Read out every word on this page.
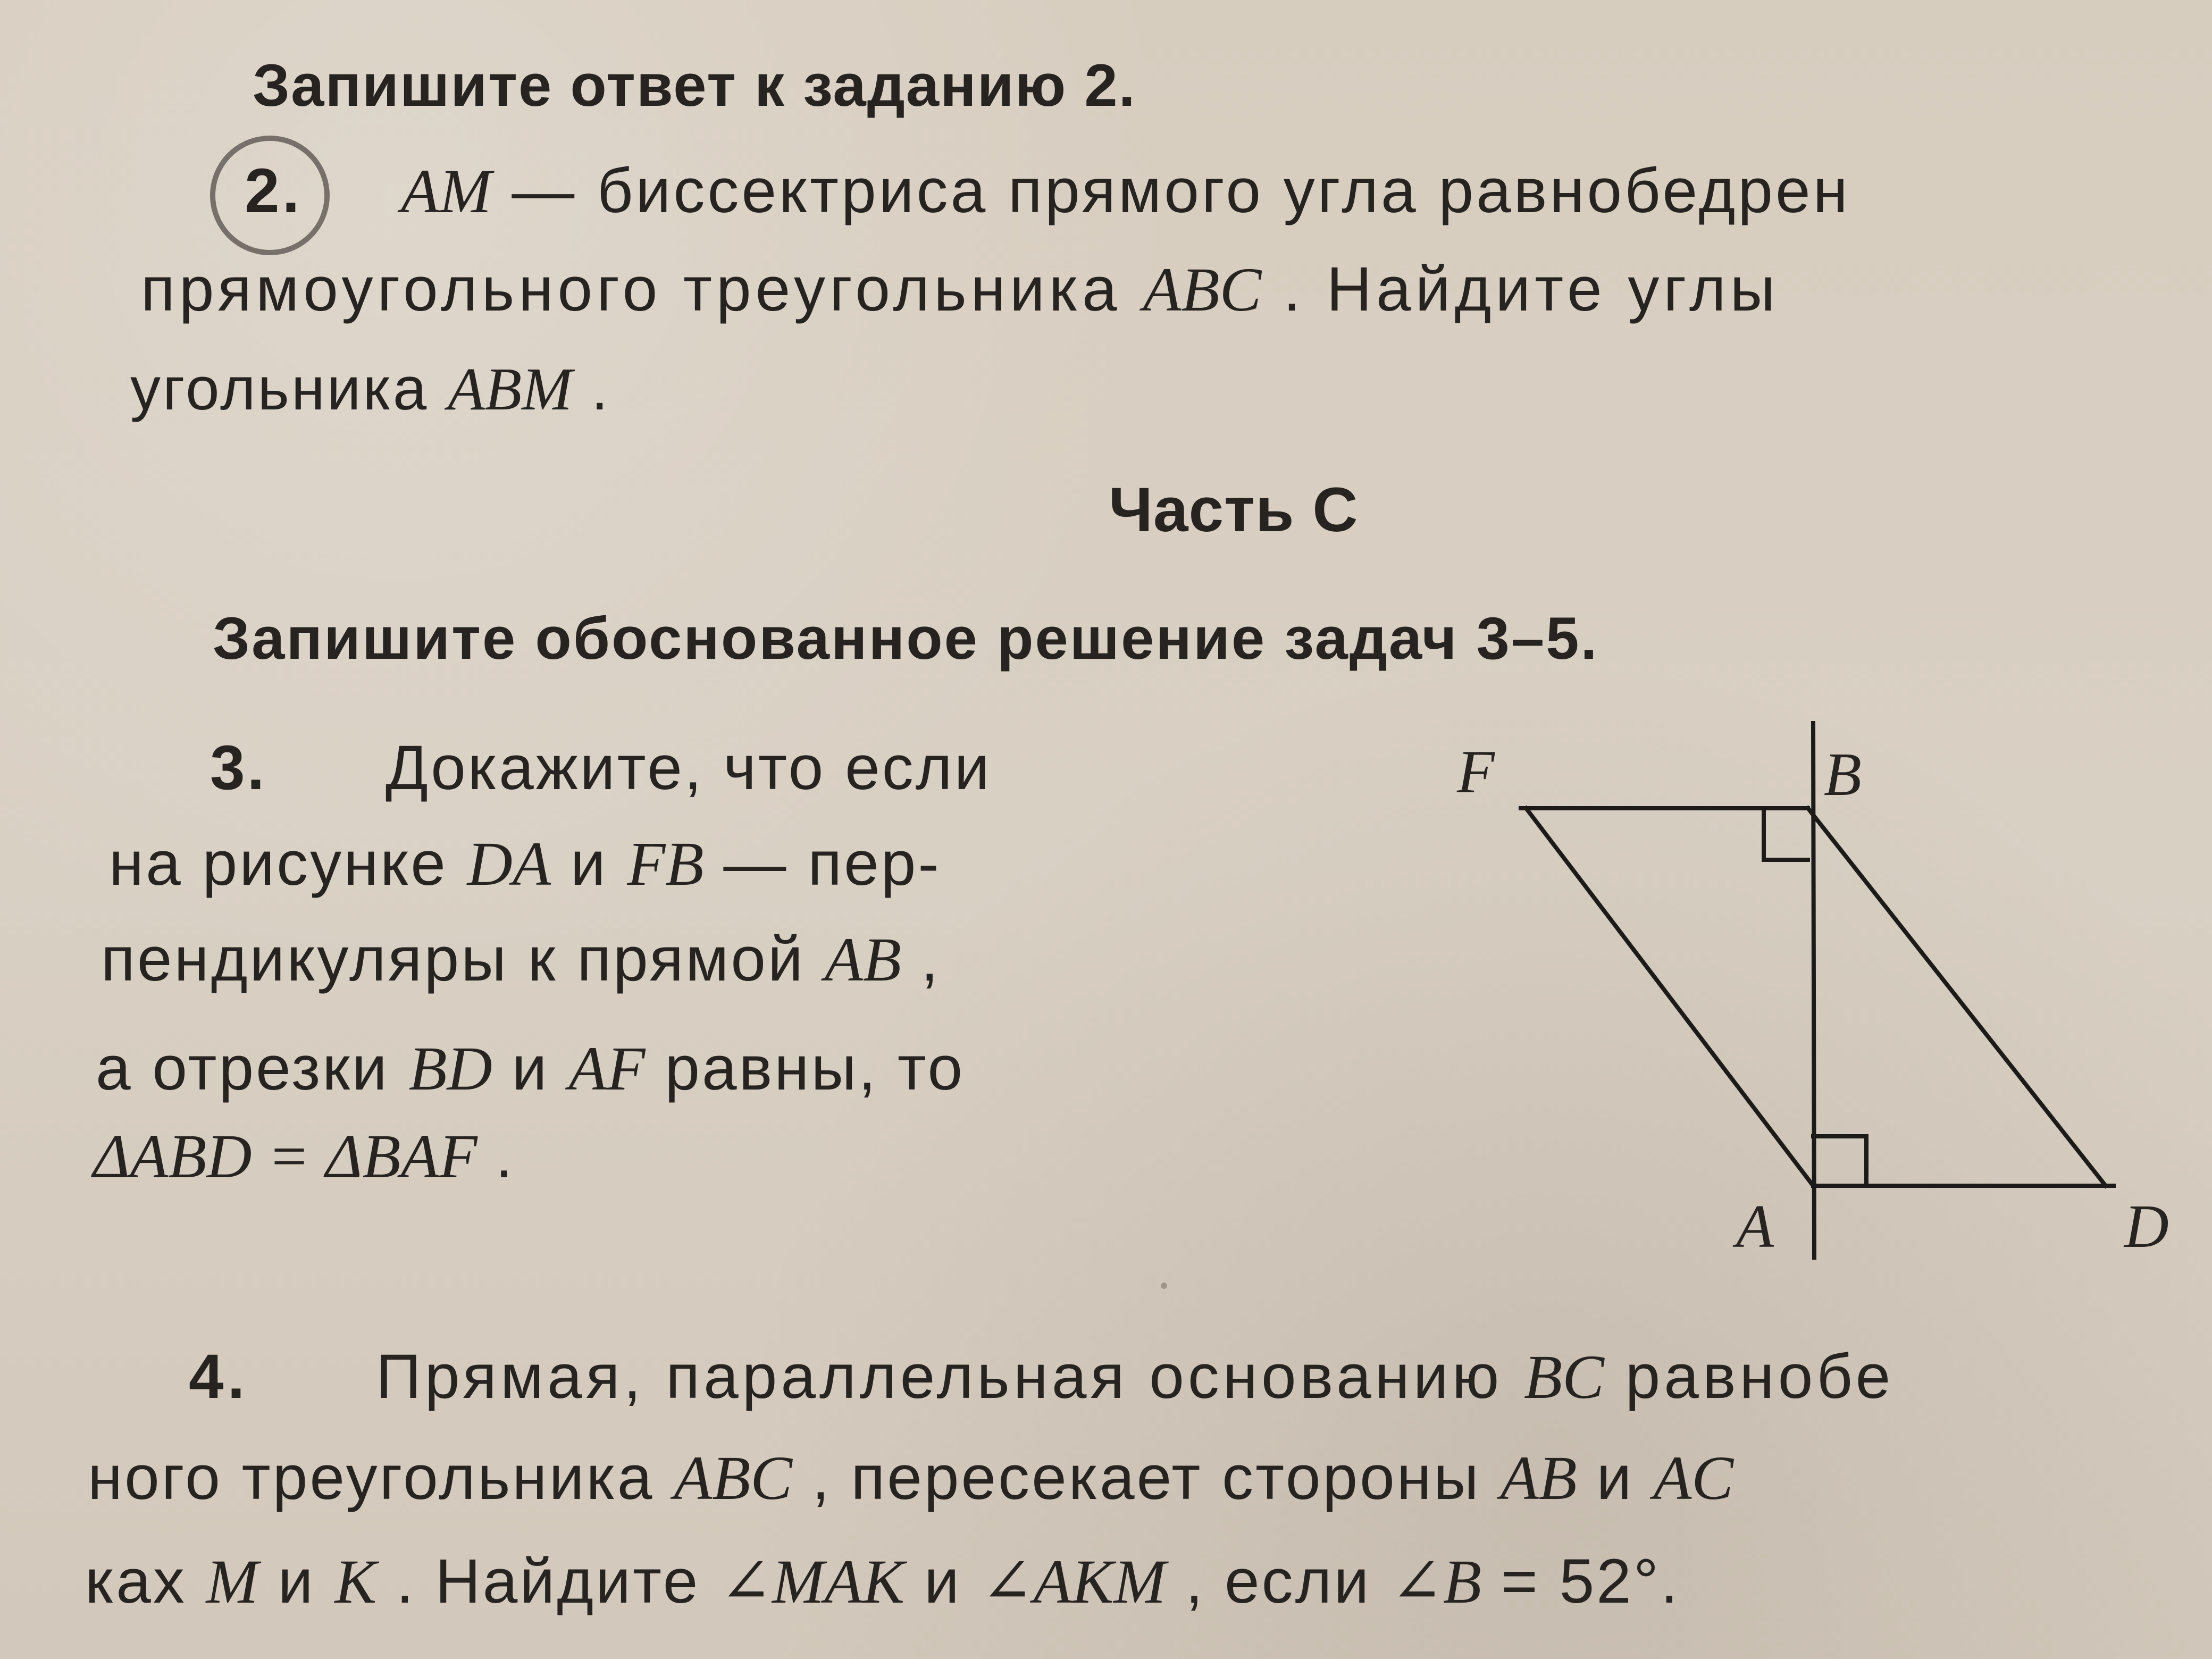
Запишите ответ к заданию 2.
2. AM — биссектриса прямого угла равнобедрен
прямоугольного треугольника ABC . Найдите углы
угольника ABM .
Часть С
Запишите обоснованное решение задач 3–5.
3. Докажите, что если
на рисунке DA и FB — пер-
пендикуляры к прямой AB ,
а отрезки BD и AF равны, то
ΔABD = ΔBAF .
F	B
A	D
4. Прямая, параллельная основанию BC равнобе
ного треугольника ABC , пересекает стороны AB и AC
ках M и K . Найдите ∠MAK и ∠AKM , если ∠B = 52°.
